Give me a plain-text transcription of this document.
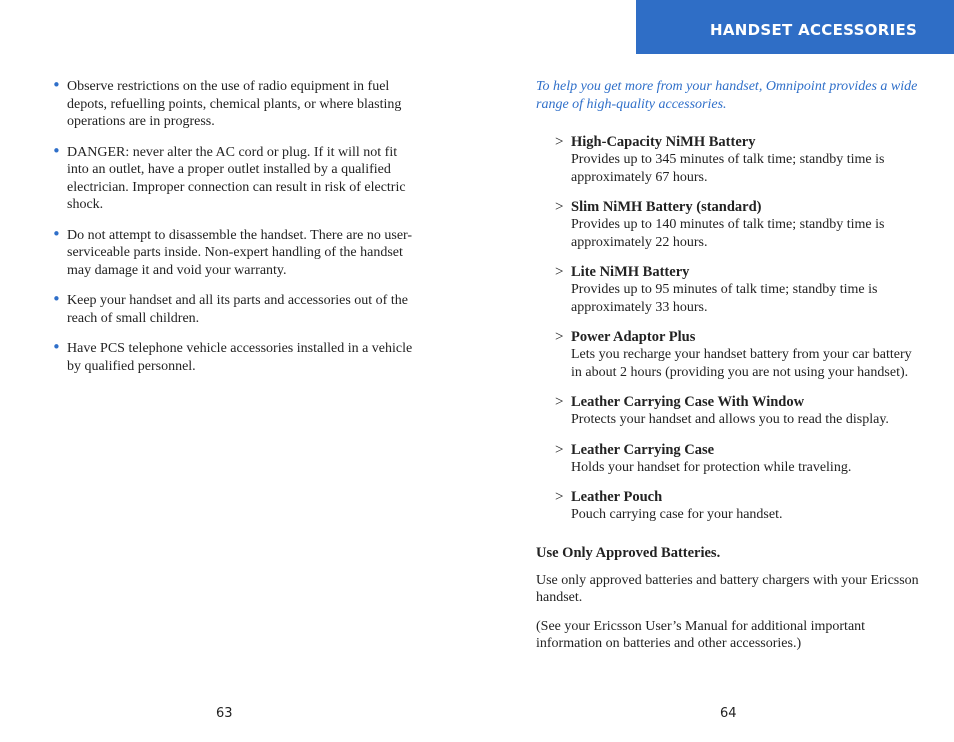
HANDSET ACCESSORIES
• Observe restrictions on the use of radio equipment in fuel depots, refuelling points, chemical plants, or where blasting operations are in progress.
• DANGER: never alter the AC cord or plug. If it will not fit into an outlet, have a proper outlet installed by a qualified electrician. Improper connection can result in risk of electric shock.
• Do not attempt to disassemble the handset. There are no user-serviceable parts inside. Non-expert handling of the handset may damage it and void your warranty.
• Keep your handset and all its parts and accessories out of the reach of small children.
• Have PCS telephone vehicle accessories installed in a vehicle by qualified personnel.

To help you get more from your handset, Omnipoint provides a wide range of high-quality accessories.

> High-Capacity NiMH Battery
Provides up to 345 minutes of talk time; standby time is approximately 67 hours.
> Slim NiMH Battery (standard)
Provides up to 140 minutes of talk time; standby time is approximately 22 hours.
> Lite NiMH Battery
Provides up to 95 minutes of talk time; standby time is approximately 33 hours.
> Power Adaptor Plus
Lets you recharge your handset battery from your car battery in about 2 hours (providing you are not using your handset).
> Leather Carrying Case With Window
Protects your handset and allows you to read the display.
> Leather Carrying Case
Holds your handset for protection while traveling.
> Leather Pouch
Pouch carrying case for your handset.
Use Only Approved Batteries.

Use only approved batteries and battery chargers with your Ericsson handset.

(See your Ericsson User’s Manual for additional important information on batteries and other accessories.)

63	64
